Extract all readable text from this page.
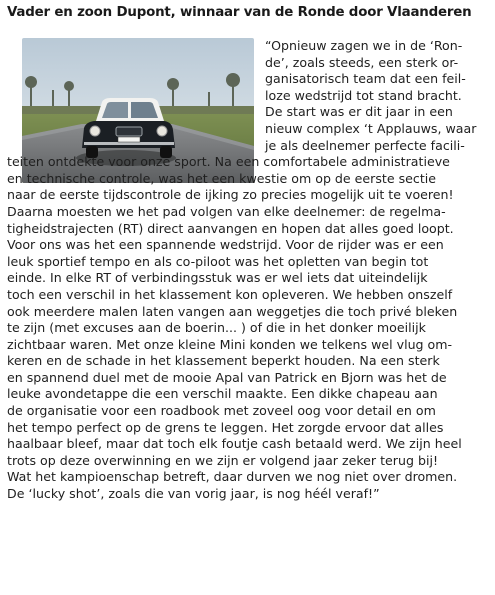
Vader en zoon Dupont, winnaar van de Ronde door Vlaanderen
“Opnieuw zagen we in de ‘Ron-
de’, zoals steeds, een sterk or-
ganisatorisch team dat een feil-
loze wedstrijd tot stand bracht.
De start was er dit jaar in een
nieuw complex ‘t Applauws, waar
je als deelnemer perfecte facili-
teiten ontdekte voor onze sport. Na een comfortabele administratieve
en technische controle, was het een kwestie om op de eerste sectie
naar de eerste tijdscontrole de ijking zo precies mogelijk uit te voeren!
Daarna moesten we het pad volgen van elke deelnemer: de regelma-
tigheidstrajecten (RT) direct aanvangen en hopen dat alles goed loopt.
Voor ons was het een spannende wedstrijd. Voor de rijder was er een
leuk sportief tempo en als co-piloot was het opletten van begin tot
einde. In elke RT of verbindingsstuk was er wel iets dat uiteindelijk
toch een verschil in het klassement kon opleveren. We hebben onszelf
ook meerdere malen laten vangen aan weggetjes die toch privé bleken
te zijn (met excuses aan de boerin... ) of die in het donker moeilijk
zichtbaar waren. Met onze kleine Mini konden we telkens wel vlug om-
keren en de schade in het klassement beperkt houden. Na een sterk
en spannend duel met de mooie Apal van Patrick en Bjorn was het de
leuke avondetappe die een verschil maakte. Een dikke chapeau aan
de organisatie voor een roadbook met zoveel oog voor detail en om
het tempo perfect op de grens te leggen. Het zorgde ervoor dat alles
haalbaar bleef, maar dat toch elk foutje cash betaald werd. We zijn heel
trots op deze overwinning en we zijn er volgend jaar zeker terug bij!
Wat het kampioenschap betreft, daar durven we nog niet over dromen.
De ‘lucky shot’, zoals die van vorig jaar, is nog héél veraf!”
